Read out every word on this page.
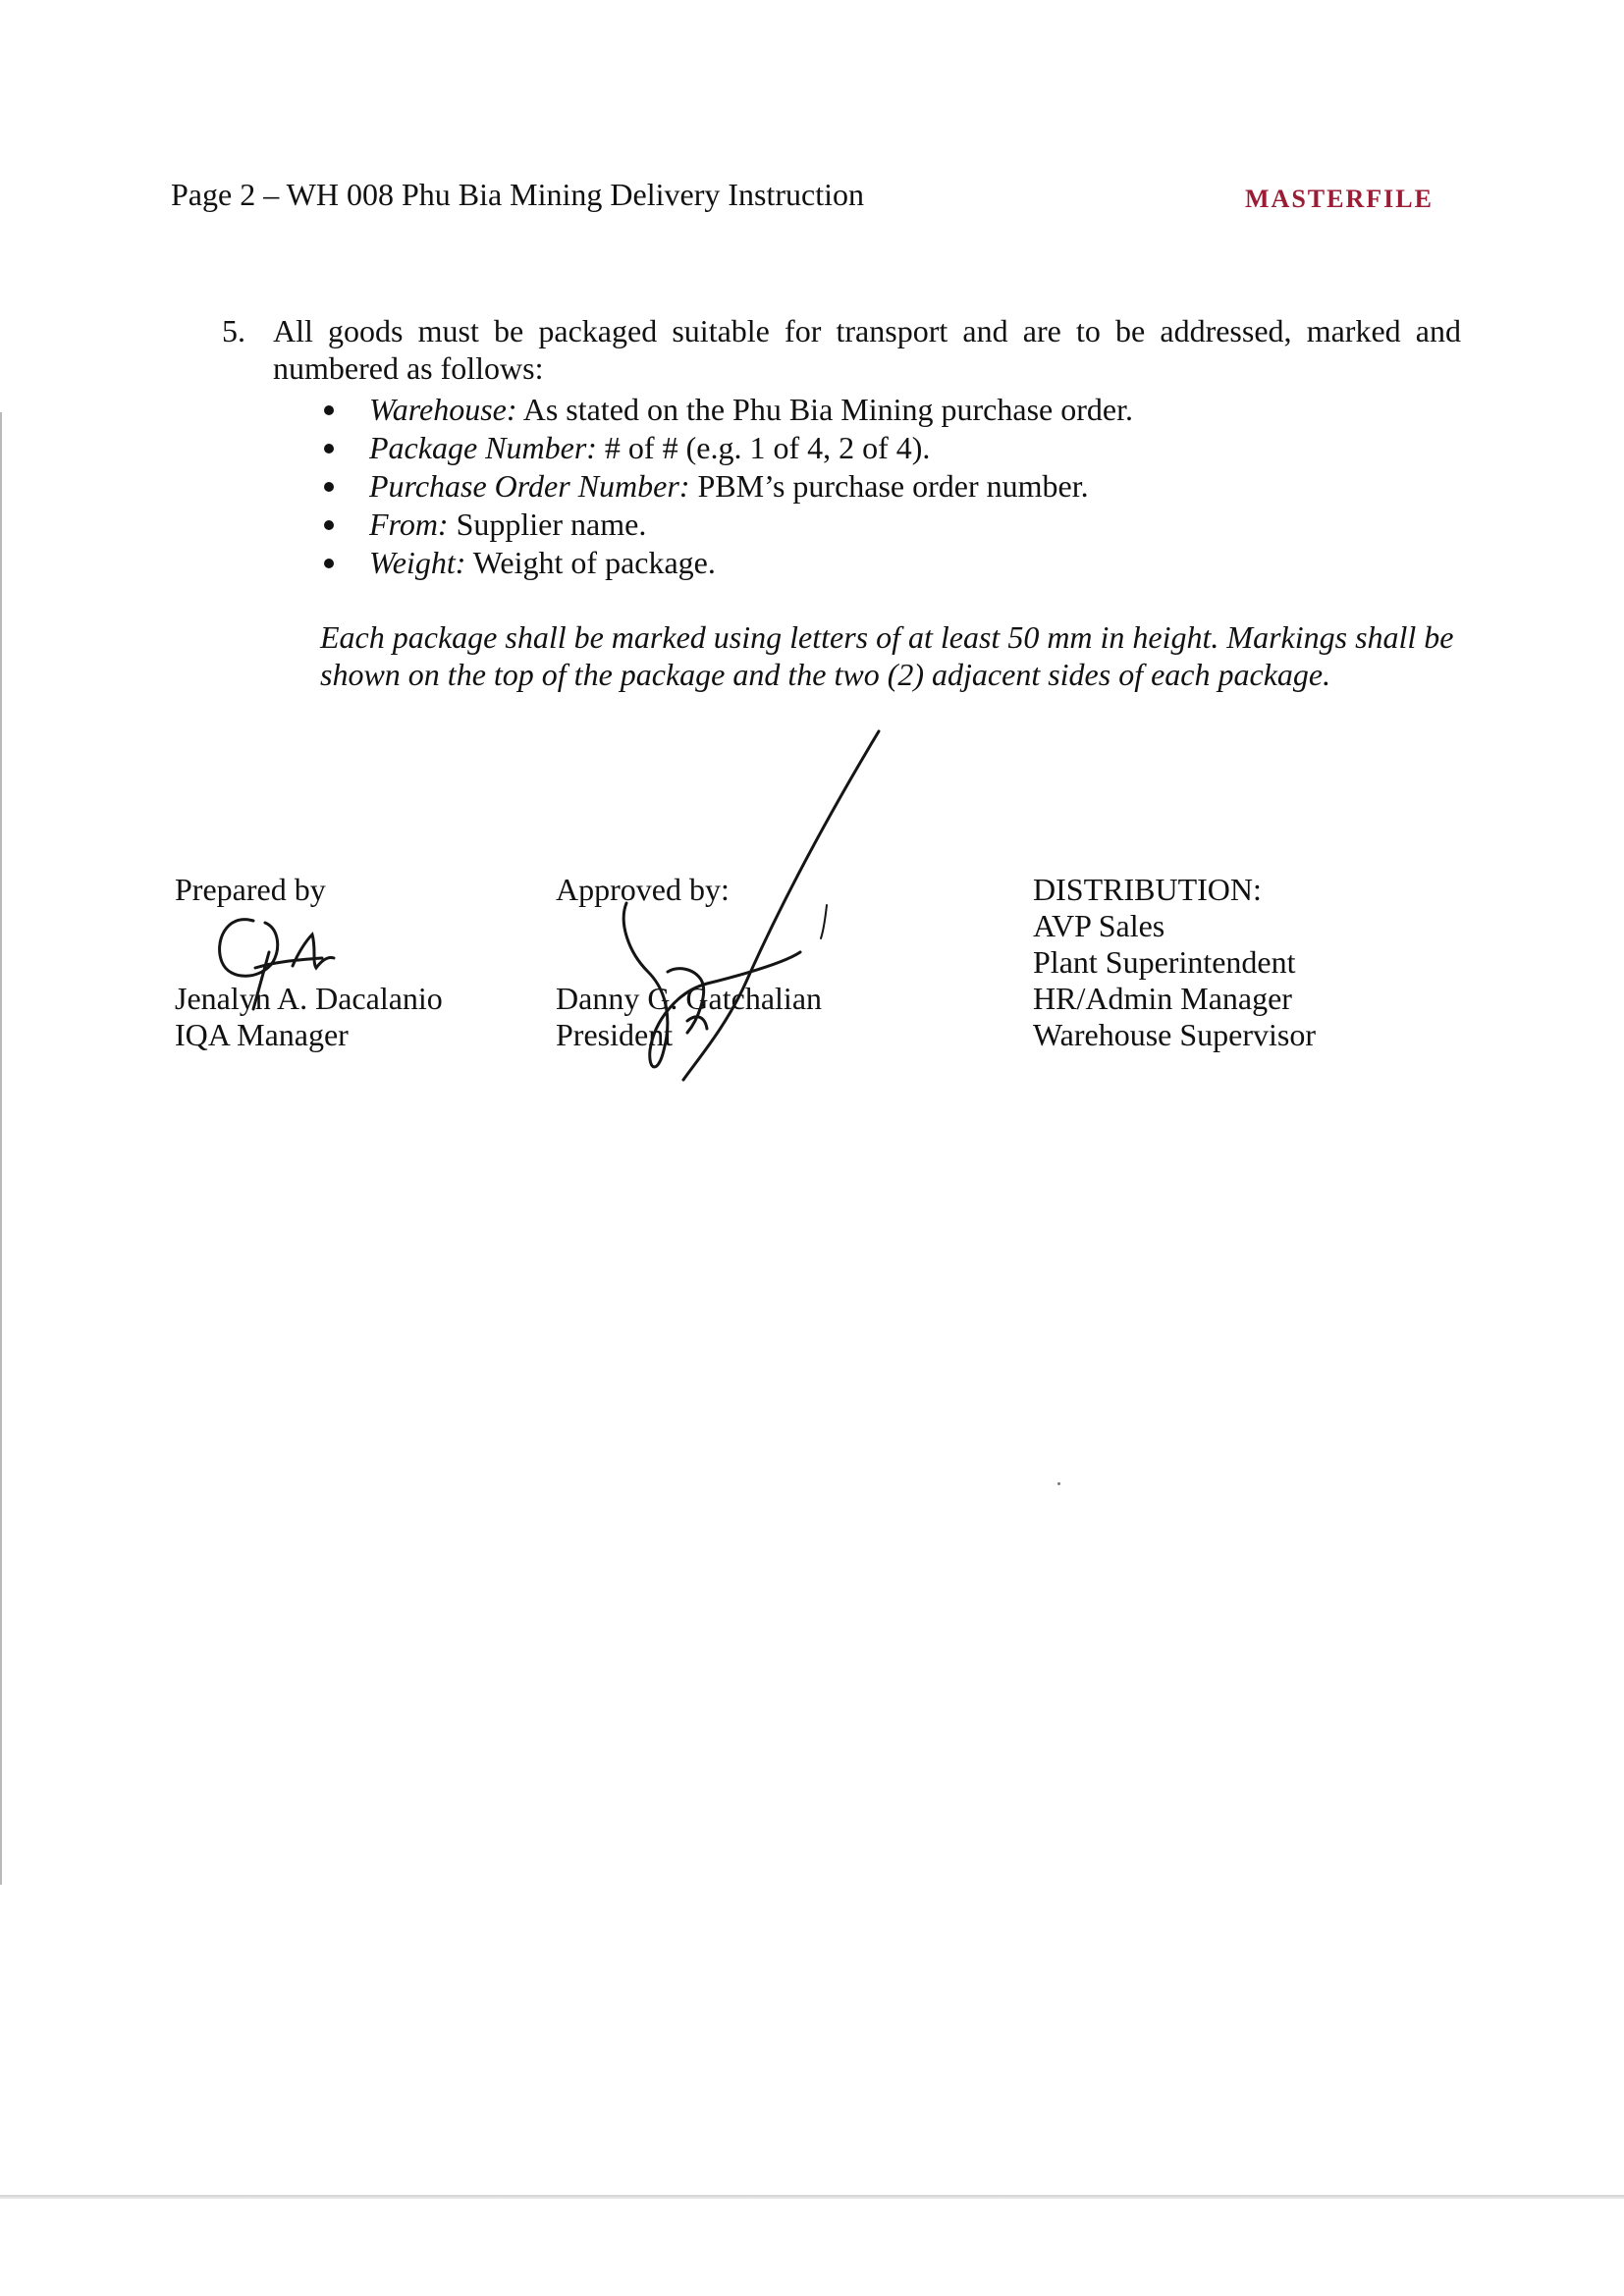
Page 2 – WH 008 Phu Bia Mining Delivery Instruction	MASTERFILE
5. All goods must be packaged suitable for transport and are to be addressed, marked and numbered as follows:
Warehouse: As stated on the Phu Bia Mining purchase order.
Package Number: # of # (e.g. 1 of 4, 2 of 4).
Purchase Order Number: PBM’s purchase order number.
From: Supplier name.
Weight: Weight of package.
Each package shall be marked using letters of at least 50 mm in height. Markings shall be shown on the top of the package and the two (2) adjacent sides of each package.
Prepared by
Jenalyn A. Dacalanio
IQA Manager
Approved by:
Danny G. Gatchalian
President
DISTRIBUTION:
AVP Sales
Plant Superintendent
HR/Admin Manager
Warehouse Supervisor
